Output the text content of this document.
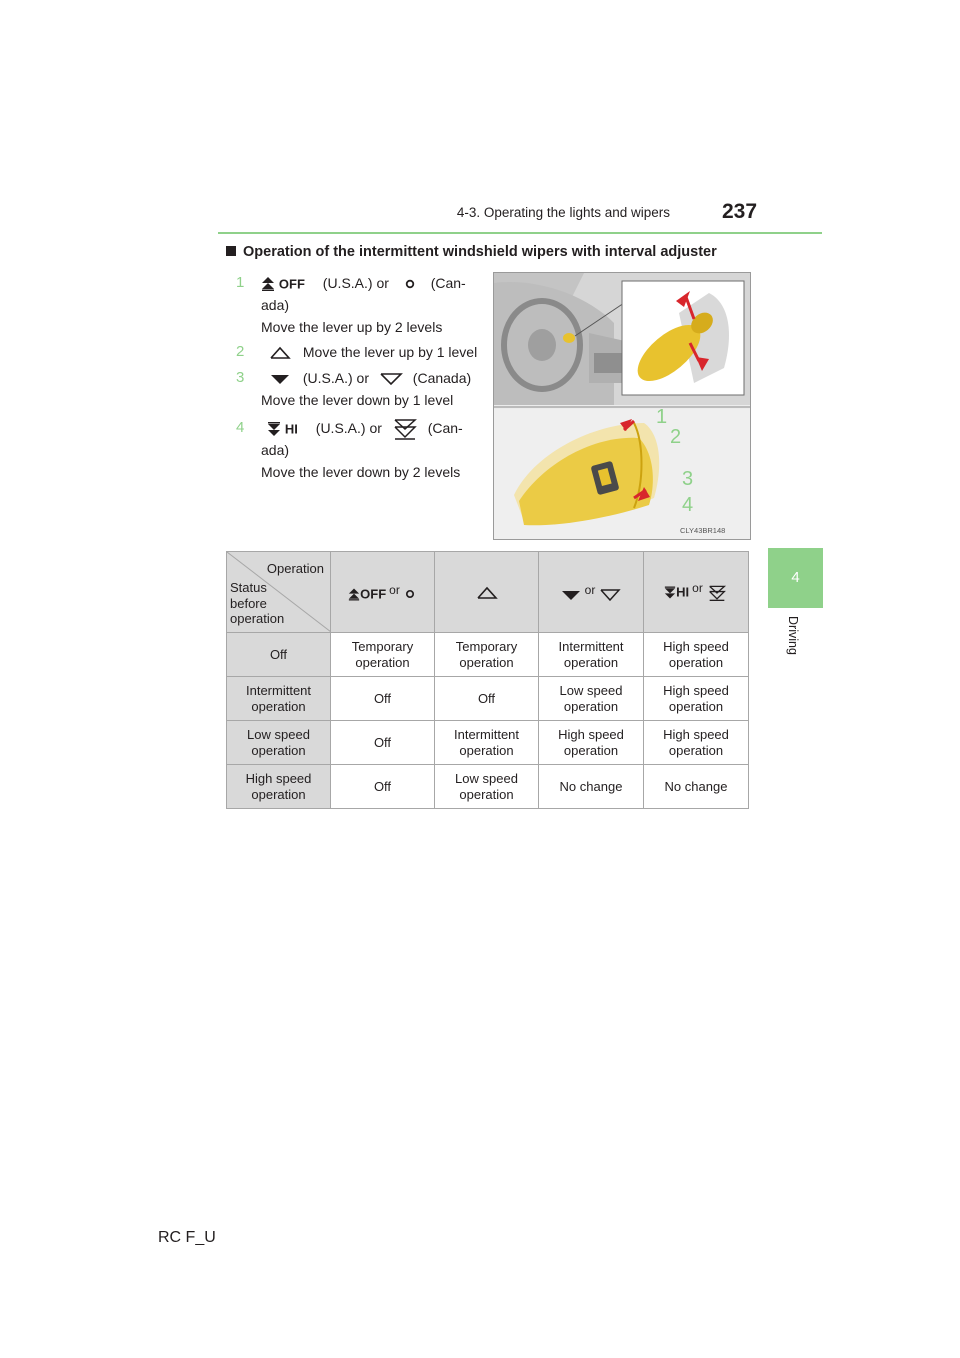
4-3. Operating the lights and wipers 237
4
Driving
Operation of the intermittent windshield wipers with interval adjuster
1	OFF (U.S.A.) or	(Can-
ada)
Move the lever up by 2 levels
2	Move the lever up by 1 level
3	(U.S.A.) or	(Canada)
Move the lever down by 1 level
4	HI (U.S.A.) or	(Can-
ada)
Move the lever down by 2 levels
1
2
3
4
CLY43BR148
Operation
Status
before
operation	OFF or		or	HI or
Off	Temporary operation	Temporary operation	Intermittent operation	High speed operation
Intermittent operation	Off	Off	Low speed operation	High speed operation
Low speed operation	Off	Intermittent operation	High speed operation	High speed operation
High speed operation	Off	Low speed operation	No change	No change
RC F_U
